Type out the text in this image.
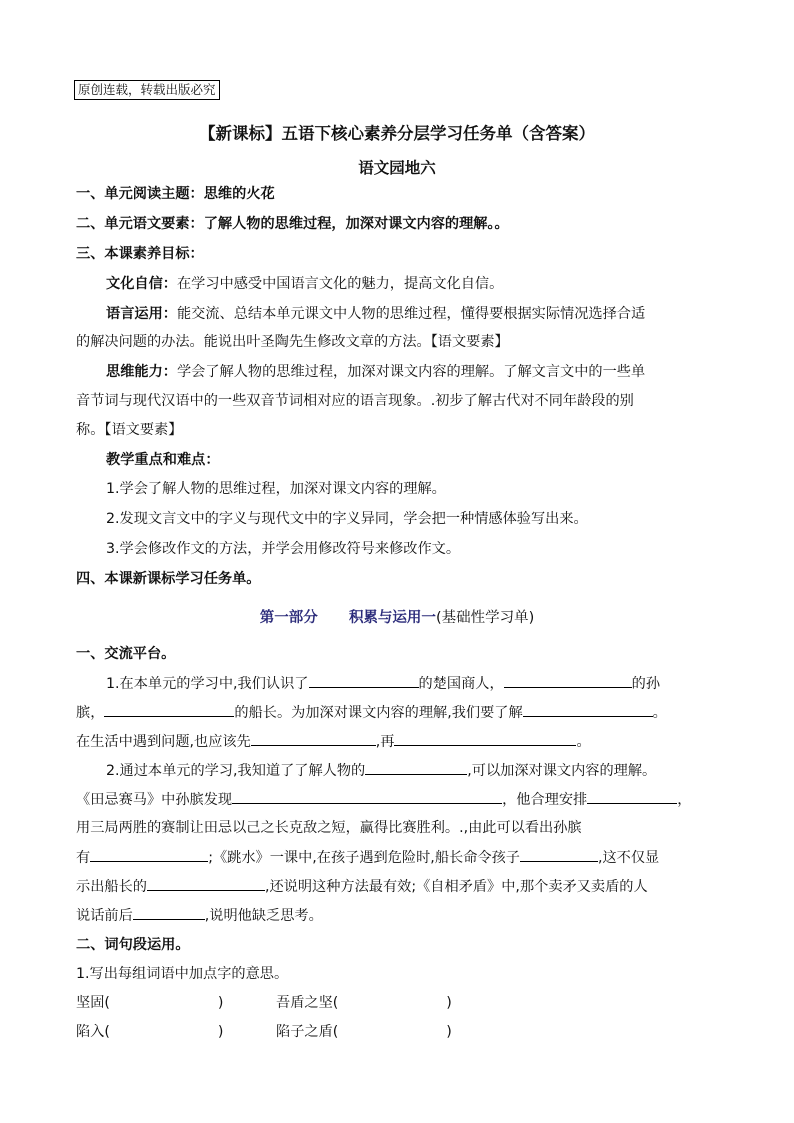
原创连载，转载出版必究
【新课标】五语下核心素养分层学习任务单（含答案）
语文园地六
一、单元阅读主题：思维的火花
二、单元语文要素：了解人物的思维过程，加深对课文内容的理解。。
三、本课素养目标：
文化自信：在学习中感受中国语言文化的魅力，提高文化自信。
语言运用：能交流、总结本单元课文中人物的思维过程，懂得要根据实际情况选择合适
的解决问题的办法。能说出叶圣陶先生修改文章的方法。【语文要素】
思维能力：学会了解人物的思维过程，加深对课文内容的理解。了解文言文中的一些单
音节词与现代汉语中的一些双音节词相对应的语言现象。.初步了解古代对不同年龄段的别
称。【语文要素】
教学重点和难点：
1.学会了解人物的思维过程，加深对课文内容的理解。
2.发现文言文中的字义与现代文中的字义异同，学会把一种情感体验写出来。
3.学会修改作文的方法，并学会用修改符号来修改作文。
四、本课新课标学习任务单。
第一部分 积累与运用一(基础性学习单)
一、交流平台。
1.在本单元的学习中,我们认识了	的楚国商人，	的孙
膑，	的船长。为加深对课文内容的理解,我们要了解	。
在生活中遇到问题,也应该先	,再	。
2.通过本单元的学习,我知道了了解人物的	,可以加深对课文内容的理解。
《田忌赛马》中孙膑发现	，他合理安排	，
用三局两胜的赛制让田忌以己之长克敌之短，赢得比赛胜利。.,由此可以看出孙膑
有	;《跳水》一课中,在孩子遇到危险时,船长命令孩子	,这不仅显
示出船长的	,还说明这种方法最有效;《自相矛盾》中,那个卖矛又卖盾的人
说话前后	,说明他缺乏思考。
二、词句段运用。
1.写出每组词语中加点字的意思。
坚固(	)	吾盾之坚(	)
陷入(	)	陷子之盾(	)
